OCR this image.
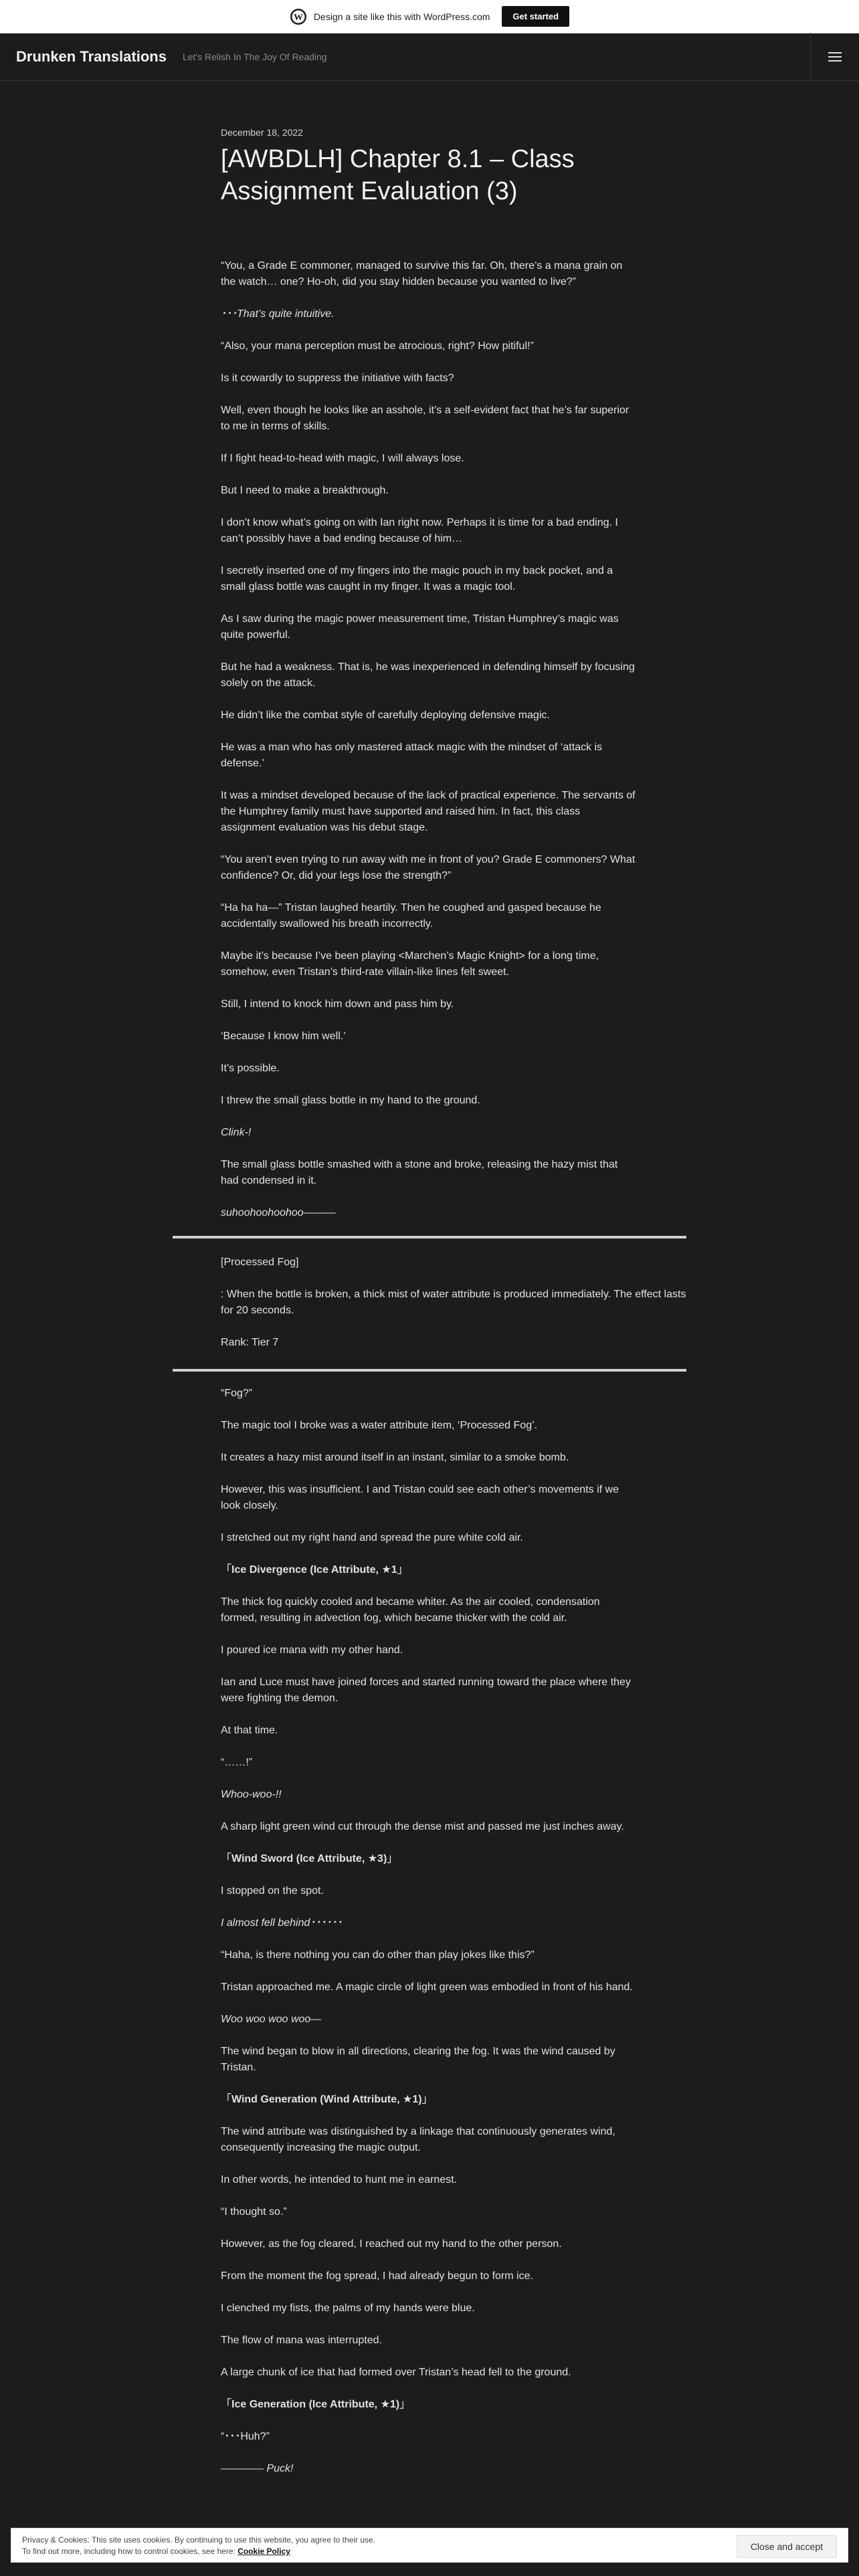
W Design a site like this with WordPress.com	Get started
Drunken Translations Let's Relish In The Joy Of Reading
December 18, 2022
[AWBDLH] Chapter 8.1 – Class Assignment Evaluation (3)

“You, a Grade E commoner, managed to survive this far. Oh, there’s a mana grain on the watch… one? Ho-oh, did you stay hidden because you wanted to live?”

･･･That’s quite intuitive.

“Also, your mana perception must be atrocious, right? How pitiful!”

Is it cowardly to suppress the initiative with facts?

Well, even though he looks like an asshole, it’s a self-evident fact that he’s far superior to me in terms of skills.

If I fight head-to-head with magic, I will always lose.

But I need to make a breakthrough.

I don’t know what’s going on with Ian right now. Perhaps it is time for a bad ending. I can’t possibly have a bad ending because of him…

I secretly inserted one of my fingers into the magic pouch in my back pocket, and a small glass bottle was caught in my finger. It was a magic tool.

As I saw during the magic power measurement time, Tristan Humphrey’s magic was quite powerful.

But he had a weakness. That is, he was inexperienced in defending himself by focusing solely on the attack.

He didn’t like the combat style of carefully deploying defensive magic.

He was a man who has only mastered attack magic with the mindset of ‘attack is defense.’

It was a mindset developed because of the lack of practical experience. The servants of the Humphrey family must have supported and raised him. In fact, this class assignment evaluation was his debut stage.

“You aren’t even trying to run away with me in front of you? Grade E commoners? What confidence? Or, did your legs lose the strength?”

“Ha ha ha—” Tristan laughed heartily. Then he coughed and gasped because he accidentally swallowed his breath incorrectly.

Maybe it’s because I’ve been playing <Marchen’s Magic Knight> for a long time, somehow, even Tristan’s third-rate villain-like lines felt sweet.

Still, I intend to knock him down and pass him by.

‘Because I know him well.’

It’s possible.

I threw the small glass bottle in my hand to the ground.

Clink-!

The small glass bottle smashed with a stone and broke, releasing the hazy mist that had condensed in it.

suhoohoohoohoo―――

[Processed Fog]

: When the bottle is broken, a thick mist of water attribute is produced immediately. The effect lasts for 20 seconds.

Rank: Tier 7

“Fog?”

The magic tool I broke was a water attribute item, ‘Processed Fog’.

It creates a hazy mist around itself in an instant, similar to a smoke bomb.

However, this was insufficient. I and Tristan could see each other’s movements if we look closely.

I stretched out my right hand and spread the pure white cold air.

「Ice Divergence (Ice Attribute, ★1」

The thick fog quickly cooled and became whiter. As the air cooled, condensation formed, resulting in advection fog, which became thicker with the cold air.

I poured ice mana with my other hand.

Ian and Luce must have joined forces and started running toward the place where they were fighting the demon.

At that time.

“……!”

Whoo-woo-!!

A sharp light green wind cut through the dense mist and passed me just inches away.

「Wind Sword (Ice Attribute, ★3)」

I stopped on the spot.

I almost fell behind･･････

“Haha, is there nothing you can do other than play jokes like this?”

Tristan approached me. A magic circle of light green was embodied in front of his hand.

Woo woo woo woo—

The wind began to blow in all directions, clearing the fog. It was the wind caused by Tristan.

「Wind Generation (Wind Attribute, ★1)」

The wind attribute was distinguished by a linkage that continuously generates wind, consequently increasing the magic output.

In other words, he intended to hunt me in earnest.

“I thought so.”

However, as the fog cleared, I reached out my hand to the other person.

From the moment the fog spread, I had already begun to form ice.

I clenched my fists, the palms of my hands were blue.

The flow of mana was interrupted.

A large chunk of ice that had formed over Tristan’s head fell to the ground.

「Ice Generation (Ice Attribute, ★1)」

“･･･Huh?”

―――― Puck!

Privacy & Cookies: This site uses cookies. By continuing to use this website, you agree to their use.
To find out more, including how to control cookies, see here: Cookie Policy	Close and accept
